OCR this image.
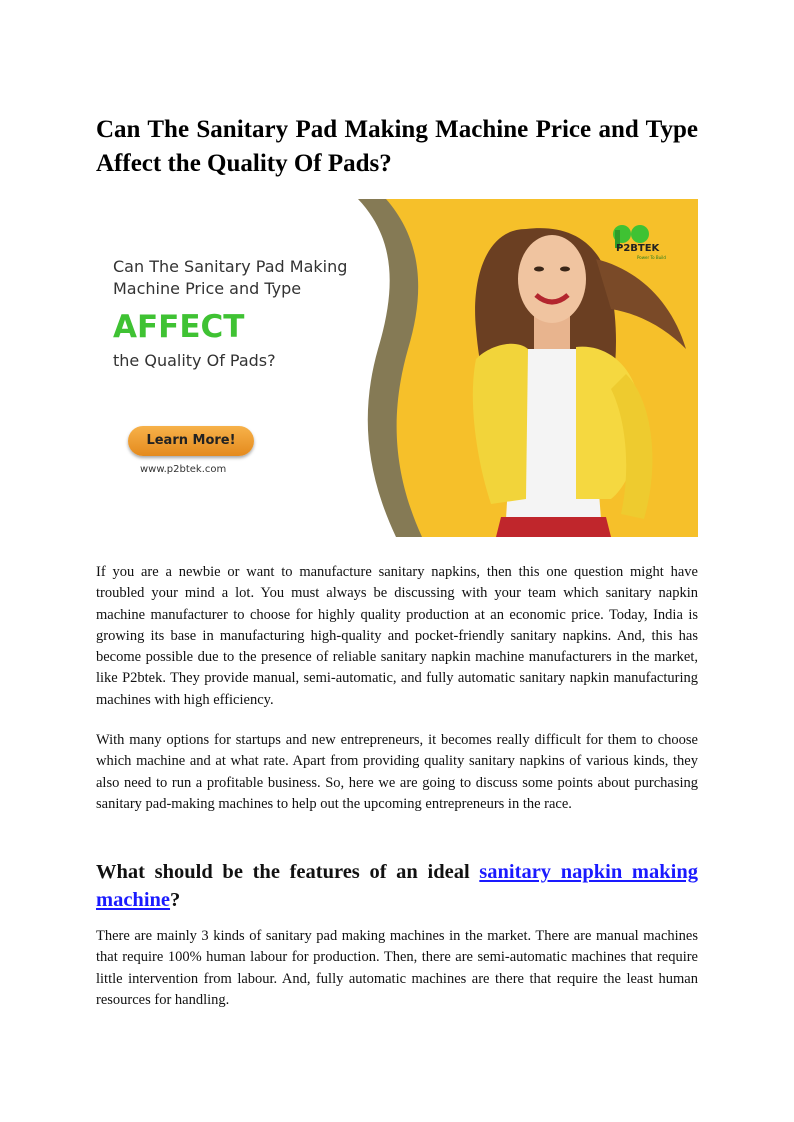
Can The Sanitary Pad Making Machine Price and Type Affect the Quality Of Pads?
Can The Sanitary Pad Making
Machine Price and Type
AFFECT
the Quality Of Pads?
Learn More!
www.p2btek.com
P2BTEK
Power To Build

If you are a newbie or want to manufacture sanitary napkins, then this one question might have troubled your mind a lot. You must always be discussing with your team which sanitary napkin machine manufacturer to choose for highly quality production at an economic price. Today, India is growing its base in manufacturing high-quality and pocket-friendly sanitary napkins. And, this has become possible due to the presence of reliable sanitary napkin machine manufacturers in the market, like P2btek. They provide manual, semi-automatic, and fully automatic sanitary napkin manufacturing machines with high efficiency.

With many options for startups and new entrepreneurs, it becomes really difficult for them to choose which machine and at what rate. Apart from providing quality sanitary napkins of various kinds, they also need to run a profitable business. So, here we are going to discuss some points about purchasing sanitary pad-making machines to help out the upcoming entrepreneurs in the race.

What should be the features of an ideal sanitary napkin making machine?

There are mainly 3 kinds of sanitary pad making machines in the market. There are manual machines that require 100% human labour for production. Then, there are semi-automatic machines that require little intervention from labour. And, fully automatic machines are there that require the least human resources for handling.
